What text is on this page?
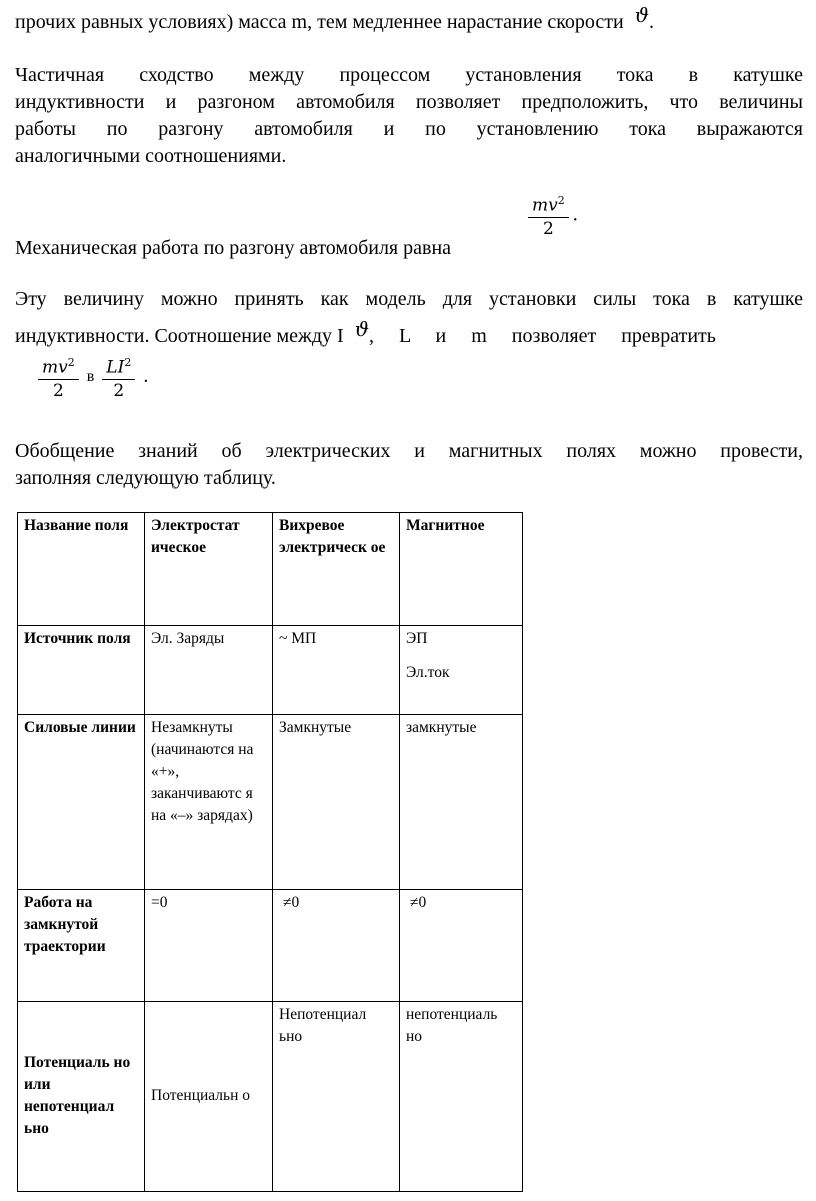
прочих равных условиях) масса m, тем медленнее нарастание скорости ϑ.
Частичная сходство между процессом установления тока в катушке
индуктивности и разгоном автомобиля позволяет предположить, что величины
работы по разгону автомобиля и по установлению тока выражаются
аналогичными соотношениями.
Механическая работа по разгону автомобиля равна
$\frac{mv^2}{2}$ .
Эту величину можно принять как модель для установки силы тока в катушке
индуктивности. Соотношение между I ϑ, L и m позволяет превратить
$\frac{mv^2}{2}$ в $\frac{LI^2}{2}$ .
Обобщение знаний об электрических и магнитных полях можно провести,
заполняя следующую таблицу.
Название поля	Электростат ическое	Вихревое электрическ ое	Магнитное
Источник поля	Эл. Заряды	~ МП	ЭП
Эл.ток

Силовые линии	Незамкнуты (начинаются на «+», заканчиваютс я на «–» зарядах)	Замкнутые	замкнутые
Работа на замкнутой траектории	=0	≠0	≠0
Потенциаль но или непотенциал ьно	Потенциальн о	Непотенциал ьно	непотенциаль но
